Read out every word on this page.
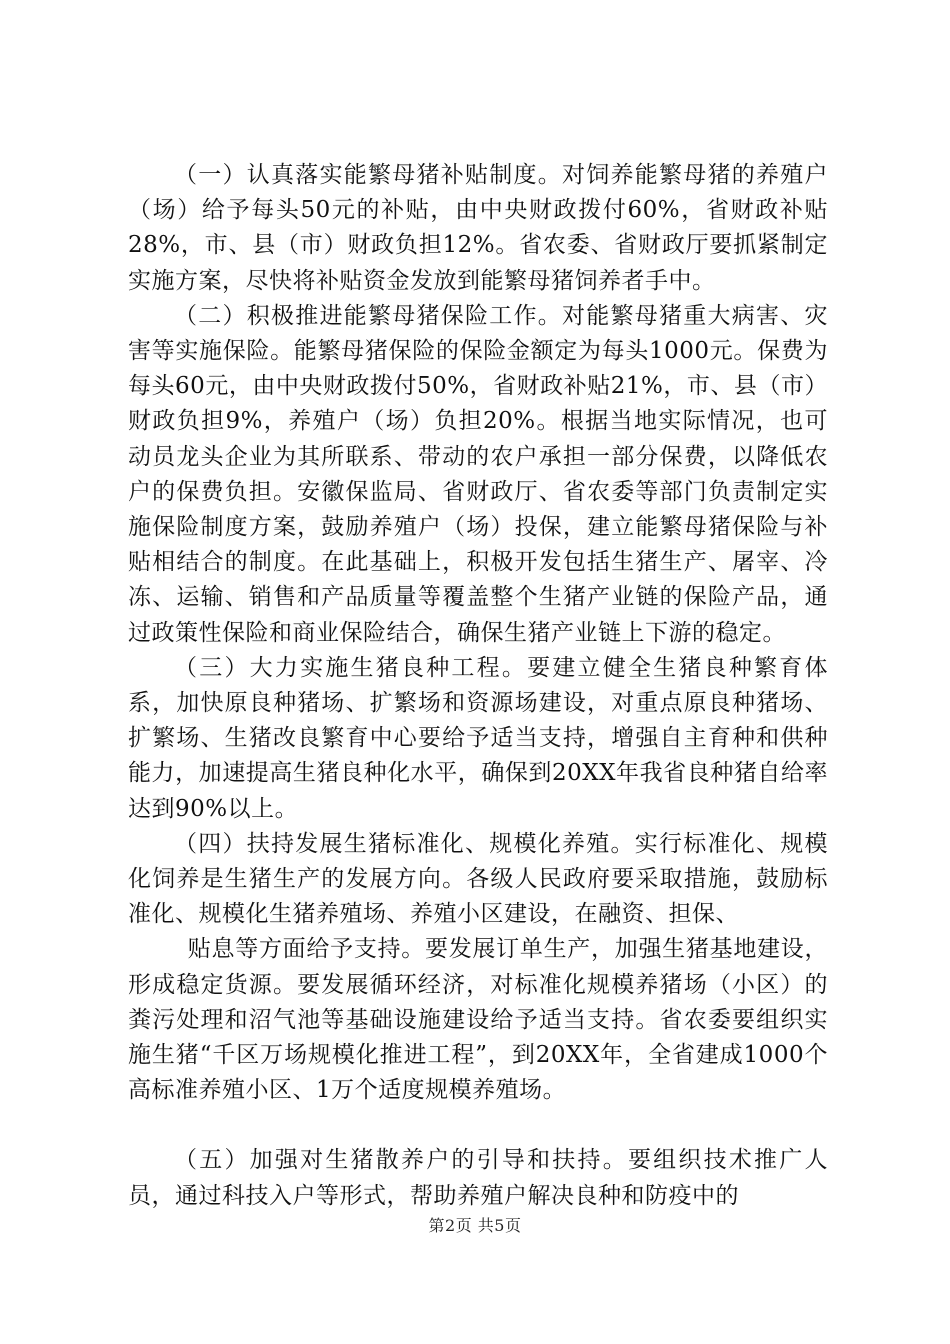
（一）认真落实能繁母猪补贴制度。对饲养能繁母猪的养殖户（场）给予每头50元的补贴，由中央财政拨付60%，省财政补贴28%，市、县（市）财政负担12%。省农委、省财政厅要抓紧制定实施方案，尽快将补贴资金发放到能繁母猪饲养者手中。

（二）积极推进能繁母猪保险工作。对能繁母猪重大病害、灾害等实施保险。能繁母猪保险的保险金额定为每头1000元。保费为每头60元，由中央财政拨付50%，省财政补贴21%，市、县（市）财政负担9%，养殖户（场）负担20%。根据当地实际情况，也可动员龙头企业为其所联系、带动的农户承担一部分保费，以降低农户的保费负担。安徽保监局、省财政厅、省农委等部门负责制定实施保险制度方案，鼓励养殖户（场）投保，建立能繁母猪保险与补贴相结合的制度。在此基础上，积极开发包括生猪生产、屠宰、冷冻、运输、销售和产品质量等覆盖整个生猪产业链的保险产品，通过政策性保险和商业保险结合，确保生猪产业链上下游的稳定。

（三）大力实施生猪良种工程。要建立健全生猪良种繁育体系，加快原良种猪场、扩繁场和资源场建设，对重点原良种猪场、扩繁场、生猪改良繁育中心要给予适当支持，增强自主育种和供种能力，加速提高生猪良种化水平，确保到20XX年我省良种猪自给率达到90%以上。

（四）扶持发展生猪标准化、规模化养殖。实行标准化、规模化饲养是生猪生产的发展方向。各级人民政府要采取措施，鼓励标准化、规模化生猪养殖场、养殖小区建设，在融资、担保、

贴息等方面给予支持。要发展订单生产，加强生猪基地建设，形成稳定货源。要发展循环经济，对标准化规模养猪场（小区）的粪污处理和沼气池等基础设施建设给予适当支持。省农委要组织实施生猪“千区万场规模化推进工程”，到20XX年，全省建成1000个高标准养殖小区、1万个适度规模养殖场。

（五）加强对生猪散养户的引导和扶持。要组织技术推广人员，通过科技入户等形式，帮助养殖户解决良种和防疫中的

第2页 共5页
